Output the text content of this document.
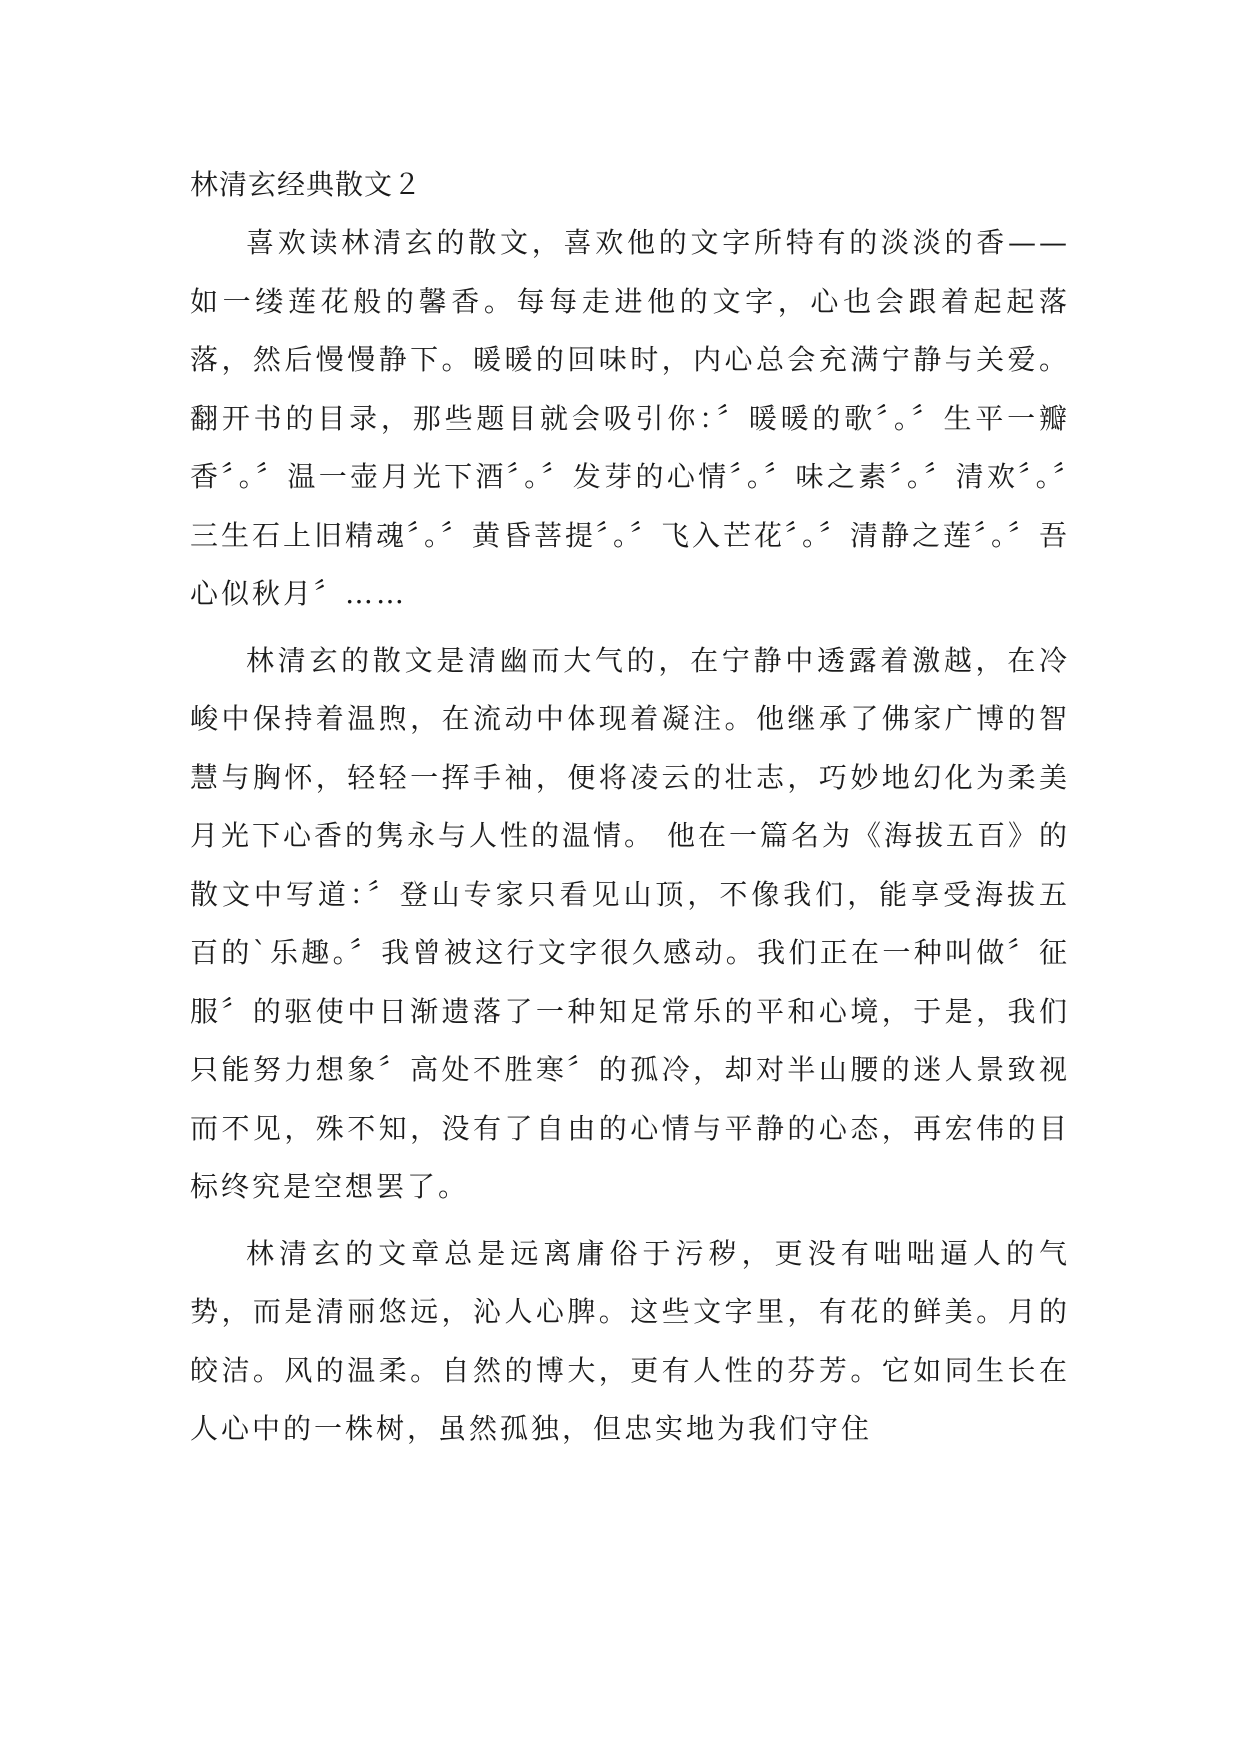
林清玄经典散文２

喜欢读林清玄的散文，喜欢他的文字所特有的淡淡的香——如一缕莲花般的馨香。每每走进他的文字，心也会跟着起起落落，然后慢慢静下。暖暖的回味时，内心总会充满宁静与关爱。翻开书的目录，那些题目就会吸引你：〞暖暖的歌〞。〞生平一瓣香〞。〞温一壶月光下酒〞。〞发芽的心情〞。〞味之素〞。〞清欢〞。〞三生石上旧精魂〞。〞黄昏菩提〞。〞飞入芒花〞。〞清静之莲〞。〞吾心似秋月〞……

林清玄的散文是清幽而大气的，在宁静中透露着激越，在冷峻中保持着温煦，在流动中体现着凝注。他继承了佛家广博的智慧与胸怀，轻轻一挥手袖，便将凌云的壮志，巧妙地幻化为柔美月光下心香的隽永与人性的温情。 他在一篇名为《海拔五百》的散文中写道：〞登山专家只看见山顶，不像我们，能享受海拔五百的`乐趣。〞我曾被这行文字很久感动。我们正在一种叫做〞征服〞的驱使中日渐遗落了一种知足常乐的平和心境，于是，我们只能努力想象〞高处不胜寒〞的孤冷，却对半山腰的迷人景致视而不见，殊不知，没有了自由的心情与平静的心态，再宏伟的目标终究是空想罢了。

林清玄的文章总是远离庸俗于污秽，更没有咄咄逼人的气势，而是清丽悠远，沁人心脾。这些文字里，有花的鲜美。月的皎洁。风的温柔。自然的博大，更有人性的芬芳。它如同生长在人心中的一株树，虽然孤独，但忠实地为我们守住
